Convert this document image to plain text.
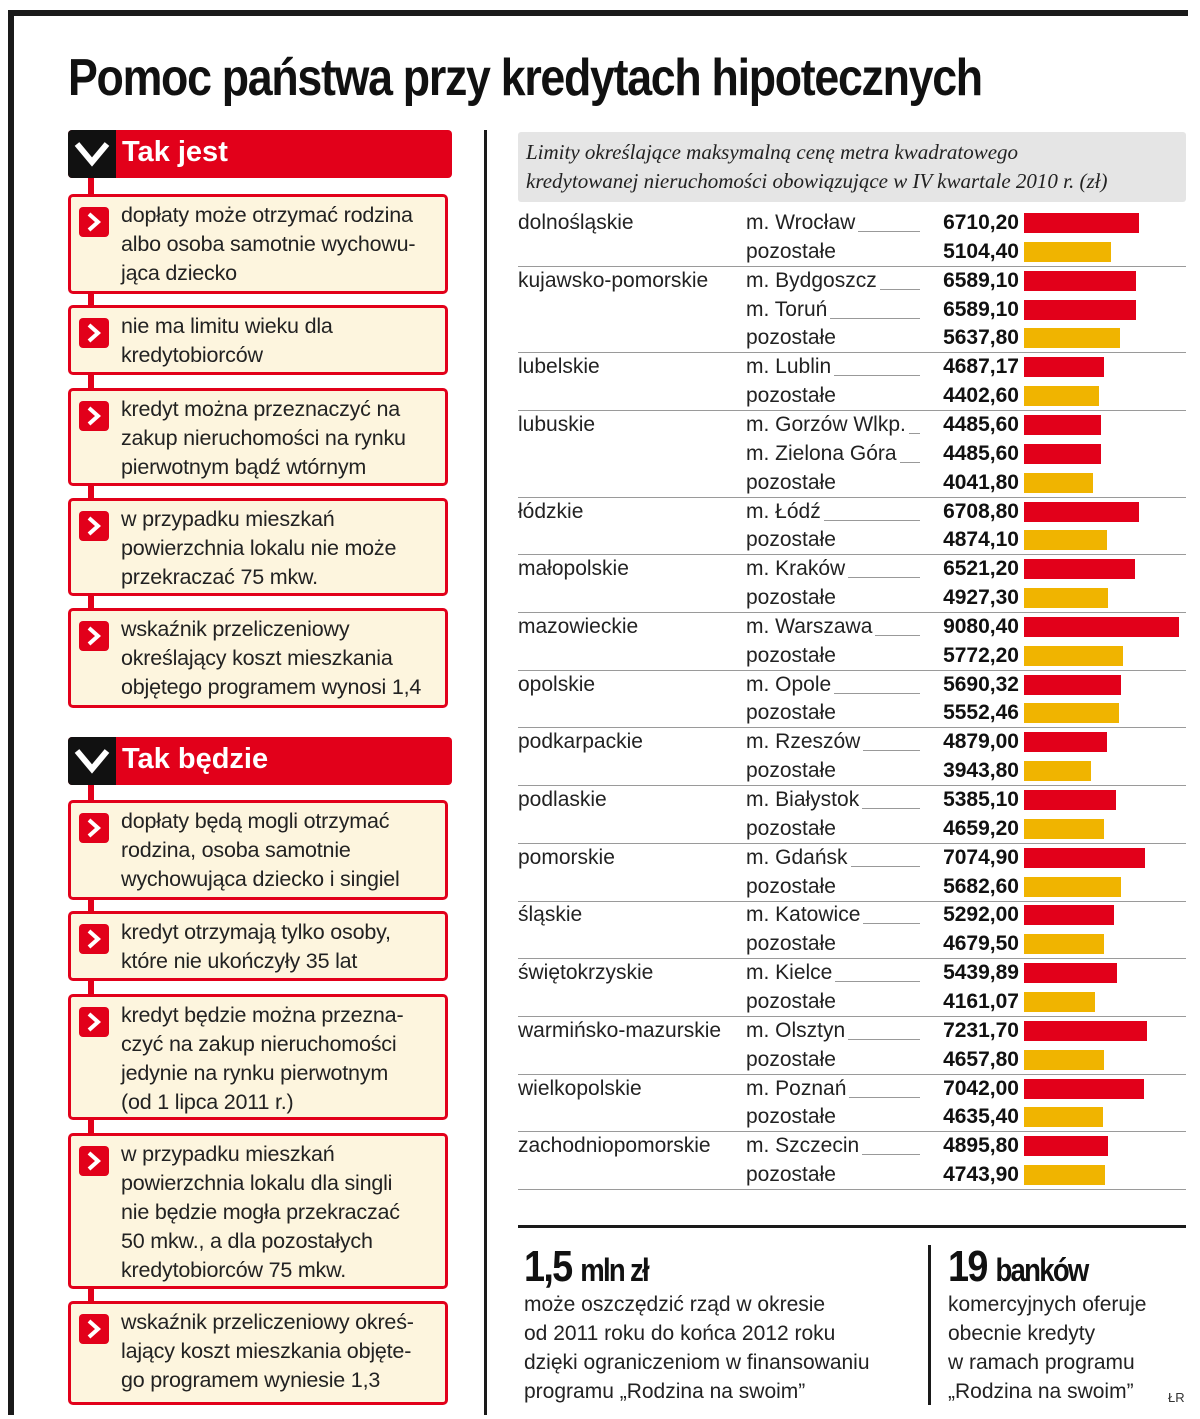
Pomoc państwa przy kredytach hipotecznych
Tak jest
dopłaty może otrzymać rodzina
albo osoba samotnie wychowu-
jąca dziecko
nie ma limitu wieku dla
kredytobiorców
kredyt można przeznaczyć na
zakup nieruchomości na rynku
pierwotnym bądź wtórnym
w przypadku mieszkań
powierzchnia lokalu nie może
przekraczać 75 mkw.
wskaźnik przeliczeniowy
określający koszt mieszkania
objętego programem wynosi 1,4
Tak będzie
dopłaty będą mogli otrzymać
rodzina, osoba samotnie
wychowująca dziecko i singiel
kredyt otrzymają tylko osoby,
które nie ukończyły 35 lat
kredyt będzie można przezna-
czyć na zakup nieruchomości
jedynie na rynku pierwotnym
(od 1 lipca 2011 r.)
w przypadku mieszkań
powierzchnia lokalu dla singli
nie będzie mogła przekraczać
50 mkw., a dla pozostałych
kredytobiorców 75 mkw.
wskaźnik przeliczeniowy okreś-
lający koszt mieszkania objęte-
go programem wyniesie 1,3
Limity określające maksymalną cenę metra kwadratowego
kredytowanej nieruchomości obowiązujące w IV kwartale 2010 r. (zł)
dolnośląskie	m. Wrocław	6710,20
pozostałe	5104,40
kujawsko-pomorskie m. Bydgoszcz	6589,10
m. Toruń	6589,10
pozostałe	5637,80
lubelskie	m. Lublin	4687,17
pozostałe	4402,60
lubuskie	m. Gorzów Wlkp.	4485,60
m. Zielona Góra	4485,60
pozostałe	4041,80
łódzkie	m. Łódź	6708,80
pozostałe	4874,10
małopolskie	m. Kraków	6521,20
pozostałe	4927,30
mazowieckie	m. Warszawa	9080,40
pozostałe	5772,20
opolskie	m. Opole	5690,32
pozostałe	5552,46
podkarpackie	m. Rzeszów	4879,00
pozostałe	3943,80
podlaskie	m. Białystok	5385,10
pozostałe	4659,20
pomorskie	m. Gdańsk	7074,90
pozostałe	5682,60
śląskie	m. Katowice	5292,00
pozostałe	4679,50
świętokrzyskie	m. Kielce	5439,89
pozostałe	4161,07
warmińsko-mazurskie m. Olsztyn	7231,70
pozostałe	4657,80
wielkopolskie	m. Poznań	7042,00
pozostałe	4635,40
zachodniopomorskie m. Szczecin	4895,80
pozostałe	4743,90
1,5 mln zł
może oszczędzić rząd w okresie
od 2011 roku do końca 2012 roku
dzięki ograniczeniom w finansowaniu
programu „Rodzina na swoim”
19 banków
komercyjnych oferuje
obecnie kredyty
w ramach programu
„Rodzina na swoim”	ŁR
